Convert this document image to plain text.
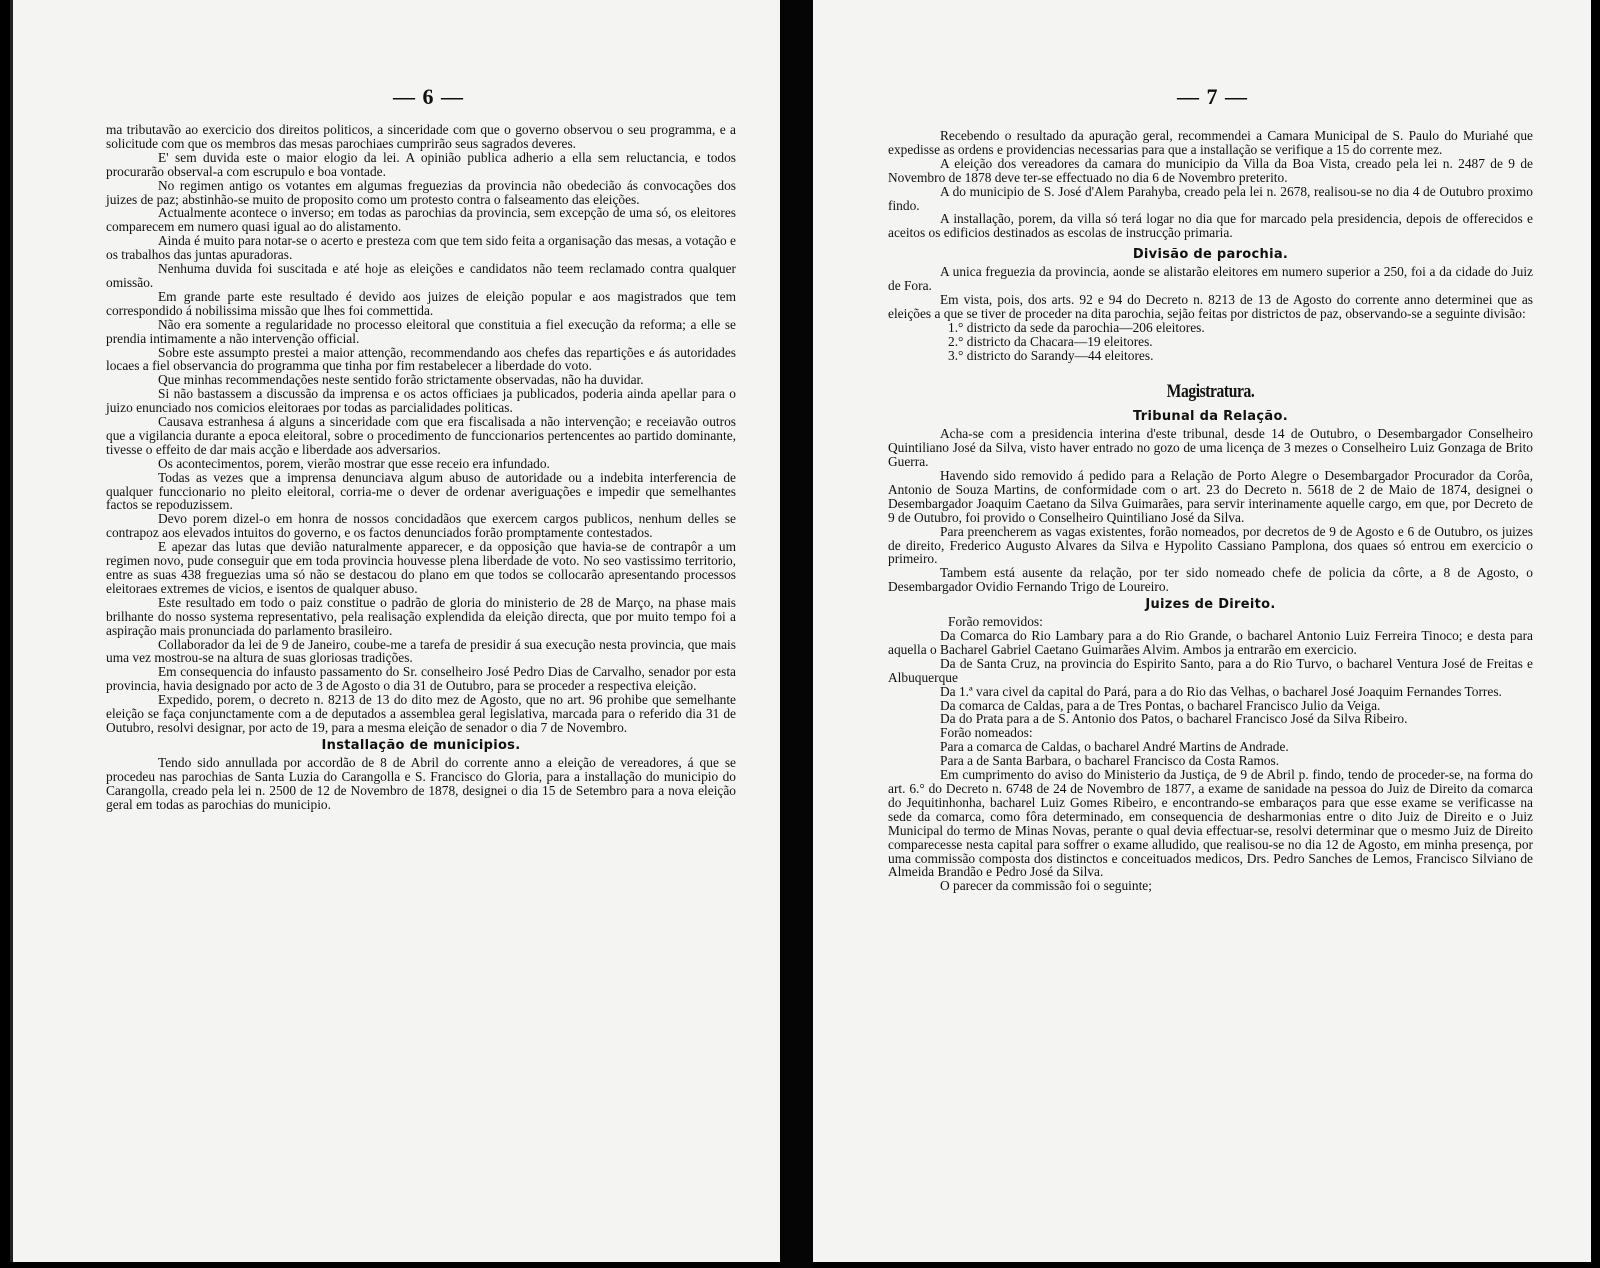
— 6 —

ma tributavão ao exercicio dos direitos politicos, a sinceridade com que o governo observou o seu programma, e a solicitude com que os membros das mesas parochiaes cumprirão seus sagrados deveres.

E' sem duvida este o maior elogio da lei. A opinião publica adherio a ella sem reluctancia, e todos procurarão observal-a com escrupulo e boa vontade.

No regimen antigo os votantes em algumas freguezias da provincia não obedecião ás convocações dos juizes de paz; abstinhão-se muito de proposito como um protesto contra o falseamento das eleições.

Actualmente acontece o inverso; em todas as parochias da provincia, sem excepção de uma só, os eleitores comparecem em numero quasi igual ao do alistamento.

Ainda é muito para notar-se o acerto e presteza com que tem sido feita a organisação das mesas, a votação e os trabalhos das juntas apuradoras.

Nenhuma duvida foi suscitada e até hoje as eleições e candidatos não teem reclamado contra qualquer omissão.

Em grande parte este resultado é devido aos juizes de eleição popular e aos magistrados que tem correspondido á nobilissima missão que lhes foi commettida.

Não era somente a regularidade no processo eleitoral que constituia a fiel execução da reforma; a elle se prendia intimamente a não intervenção official.

Sobre este assumpto prestei a maior attenção, recommendando aos chefes das repartições e ás autoridades locaes a fiel observancia do programma que tinha por fim restabelecer a liberdade do voto.

Que minhas recommendações neste sentido forão strictamente observadas, não ha duvidar.

Si não bastassem a discussão da imprensa e os actos officiaes ja publicados, poderia ainda apellar para o juizo enunciado nos comicios eleitoraes por todas as parcialidades politicas.

Causava estranhesa á alguns a sinceridade com que era fiscalisada a não intervenção; e receiavão outros que a vigilancia durante a epoca eleitoral, sobre o procedimento de funccionarios pertencentes ao partido dominante, tivesse o effeito de dar mais acção e liberdade aos adversarios.

Os acontecimentos, porem, vierão mostrar que esse receio era infundado.

Todas as vezes que a imprensa denunciava algum abuso de autoridade ou a indebita interferencia de qualquer funccionario no pleito eleitoral, corria-me o dever de ordenar averiguações e impedir que semelhantes factos se repoduzissem.

Devo porem dizel-o em honra de nossos concidadãos que exercem cargos publicos, nenhum delles se contrapoz aos elevados intuitos do governo, e os factos denunciados forão promptamente contestados.

E apezar das lutas que devião naturalmente apparecer, e da opposição que havia-se de contrapôr a um regimen novo, pude conseguir que em toda provincia houvesse plena liberdade de voto. No seo vastissimo territorio, entre as suas 438 freguezias uma só não se destacou do plano em que todos se collocarão apresentando processos eleitoraes extremes de vicios, e isentos de qualquer abuso.

Este resultado em todo o paiz constitue o padrão de gloria do ministerio de 28 de Março, na phase mais brilhante do nosso systema representativo, pela realisação explendida da eleição directa, que por muito tempo foi a aspiração mais pronunciada do parlamento brasileiro.

Collaborador da lei de 9 de Janeiro, coube-me a tarefa de presidir á sua execução nesta provincia, que mais uma vez mostrou-se na altura de suas gloriosas tradições.

Em consequencia do infausto passamento do Sr. conselheiro José Pedro Dias de Carvalho, senador por esta provincia, havia designado por acto de 3 de Agosto o dia 31 de Outubro, para se proceder a respectiva eleição.

Expedido, porem, o decreto n. 8213 de 13 do dito mez de Agosto, que no art. 96 prohibe que semelhante eleição se faça conjunctamente com a de deputados a assemblea geral legislativa, marcada para o referido dia 31 de Outubro, resolvi designar, por acto de 19, para a mesma eleição de senador o dia 7 de Novembro.

Installação de municipios.

Tendo sido annullada por accordão de 8 de Abril do corrente anno a eleição de vereadores, á que se procedeu nas parochias de Santa Luzia do Carangolla e S. Francisco do Gloria, para a installação do municipio do Carangolla, creado pela lei n. 2500 de 12 de Novembro de 1878, designei o dia 15 de Setembro para a nova eleição geral em todas as parochias do municipio.

— 7 —

Recebendo o resultado da apuração geral, recommendei a Camara Municipal de S. Paulo do Muriahé que expedisse as ordens e providencias necessarias para que a installação se verifique a 15 do corrente mez.

A eleição dos vereadores da camara do municipio da Villa da Boa Vista, creado pela lei n. 2487 de 9 de Novembro de 1878 deve ter-se effectuado no dia 6 de Novembro preterito.

A do municipio de S. José d'Alem Parahyba, creado pela lei n. 2678, realisou-se no dia 4 de Outubro proximo findo.

A installação, porem, da villa só terá logar no dia que for marcado pela presidencia, depois de offerecidos e aceitos os edificios destinados as escolas de instrucção primaria.

Divisão de parochia.

A unica freguezia da provincia, aonde se alistarão eleitores em numero superior a 250, foi a da cidade do Juiz de Fora.

Em vista, pois, dos arts. 92 e 94 do Decreto n. 8213 de 13 de Agosto do corrente anno determinei que as eleições a que se tiver de proceder na dita parochia, sejão feitas por districtos de paz, observando-se a seguinte divisão:

1.° districto da sede da parochia—206 eleitores.

2.° districto da Chacara—19 eleitores.

3.° districto do Sarandy—44 eleitores.

Magistratura.
Tribunal da Relação.

Acha-se com a presidencia interina d'este tribunal, desde 14 de Outubro, o Desembargador Conselheiro Quintiliano José da Silva, visto haver entrado no gozo de uma licença de 3 mezes o Conselheiro Luiz Gonzaga de Brito Guerra.

Havendo sido removido á pedido para a Relação de Porto Alegre o Desembargador Procurador da Corôa, Antonio de Souza Martins, de conformidade com o art. 23 do Decreto n. 5618 de 2 de Maio de 1874, designei o Desembargador Joaquim Caetano da Silva Guimarães, para servir interinamente aquelle cargo, em que, por Decreto de 9 de Outubro, foi provido o Conselheiro Quintiliano José da Silva.

Para preencherem as vagas existentes, forão nomeados, por decretos de 9 de Agosto e 6 de Outubro, os juizes de direito, Frederico Augusto Alvares da Silva e Hypolito Cassiano Pamplona, dos quaes só entrou em exercicio o primeiro.

Tambem está ausente da relação, por ter sido nomeado chefe de policia da côrte, a 8 de Agosto, o Desembargador Ovidio Fernando Trigo de Loureiro.

Juizes de Direito.

Forão removidos:

Da Comarca do Rio Lambary para a do Rio Grande, o bacharel Antonio Luiz Ferreira Tinoco; e desta para aquella o Bacharel Gabriel Caetano Guimarães Alvim. Ambos ja entrarão em exercicio.

Da de Santa Cruz, na provincia do Espirito Santo, para a do Rio Turvo, o bacharel Ventura José de Freitas e Albuquerque

Da 1.ª vara civel da capital do Pará, para a do Rio das Velhas, o bacharel José Joaquim Fernandes Torres.

Da comarca de Caldas, para a de Tres Pontas, o bacharel Francisco Julio da Veiga.

Da do Prata para a de S. Antonio dos Patos, o bacharel Francisco José da Silva Ribeiro.

Forão nomeados:

Para a comarca de Caldas, o bacharel André Martins de Andrade.

Para a de Santa Barbara, o bacharel Francisco da Costa Ramos.

Em cumprimento do aviso do Ministerio da Justiça, de 9 de Abril p. findo, tendo de proceder-se, na forma do art. 6.° do Decreto n. 6748 de 24 de Novembro de 1877, a exame de sanidade na pessoa do Juiz de Direito da comarca do Jequitinhonha, bacharel Luiz Gomes Ribeiro, e encontrando-se embaraços para que esse exame se verificasse na sede da comarca, como fôra determinado, em consequencia de desharmonias entre o dito Juiz de Direito e o Juiz Municipal do termo de Minas Novas, perante o qual devia effectuar-se, resolvi determinar que o mesmo Juiz de Direito comparecesse nesta capital para soffrer o exame alludido, que realisou-se no dia 12 de Agosto, em minha presença, por uma commissão composta dos distinctos e conceituados medicos, Drs. Pedro Sanches de Lemos, Francisco Silviano de Almeida Brandão e Pedro José da Silva.

O parecer da commissão foi o seguinte;
